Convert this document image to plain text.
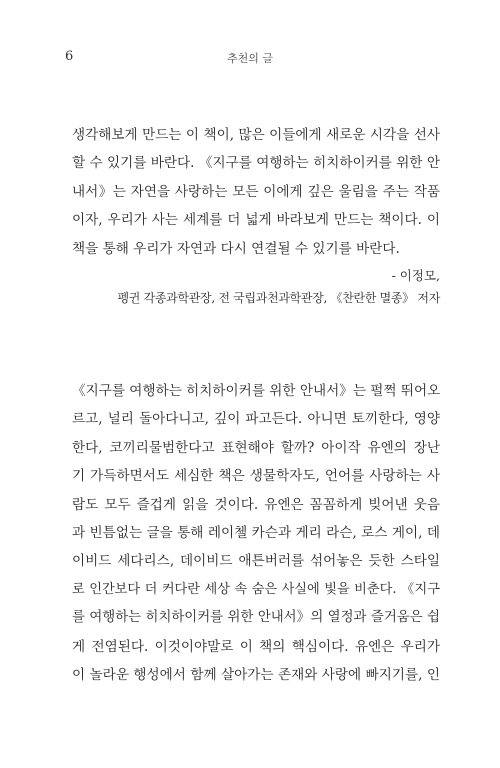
6	추천의 글
생각해보게 만드는 이 책이, 많은 이들에게 새로운 시각을 선사
할 수 있기를 바란다. 《지구를 여행하는 히치하이커를 위한 안
내서》는 자연을 사랑하는 모든 이에게 깊은 울림을 주는 작품
이자, 우리가 사는 세계를 더 넓게 바라보게 만드는 책이다. 이
책을 통해 우리가 자연과 다시 연결될 수 있기를 바란다.
- 이정모,
펭귄 각종과학관장, 전 국립과천과학관장, 《찬란한 멸종》 저자
《지구를 여행하는 히치하이커를 위한 안내서》는 펄쩍 뛰어오
르고, 널리 돌아다니고, 깊이 파고든다. 아니면 토끼한다, 영양
한다, 코끼리물범한다고 표현해야 할까? 아이작 유엔의 장난
기 가득하면서도 세심한 책은 생물학자도, 언어를 사랑하는 사
람도 모두 즐겁게 읽을 것이다. 유엔은 꼼꼼하게 빚어낸 웃음
과 빈틈없는 글을 통해 레이첼 카슨과 게리 라슨, 로스 게이, 데
이비드 세다리스, 데이비드 애튼버러를 섞어놓은 듯한 스타일
로 인간보다 더 커다란 세상 속 숨은 사실에 빛을 비춘다. 《지구
를 여행하는 히치하이커를 위한 안내서》의 열정과 즐거움은 쉽
게 전염된다. 이것이야말로 이 책의 핵심이다. 유엔은 우리가
이 놀라운 행성에서 함께 살아가는 존재와 사랑에 빠지기를, 인
